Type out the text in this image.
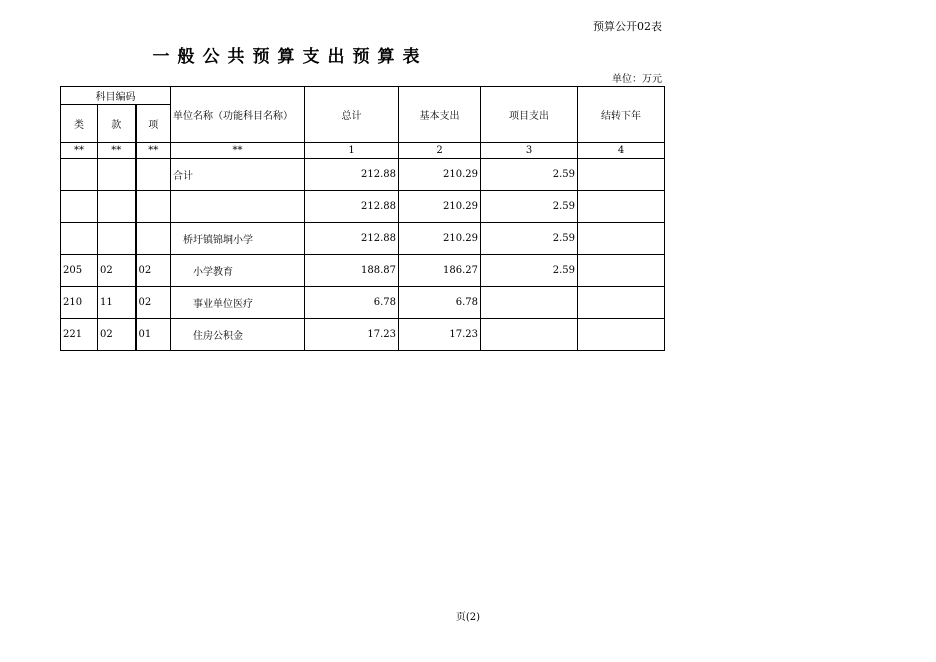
预算公开02表
一般公共预算支出预算表
单位：万元
科目编码			单位名称（功能科目名称）	总计	基本支出	项目支出	结转下年
类	款	项					
**	**	**	**	1	2	3	4
			合计	212.88	210.29	2.59	
				212.88	210.29	2.59	
			桥圩镇锦垌小学	212.88	210.29	2.59	
205	02	02	小学教育	188.87	186.27	2.59	
210	11	02	事业单位医疗	6.78	6.78		
221	02	01	住房公积金	17.23	17.23		
页(2)
